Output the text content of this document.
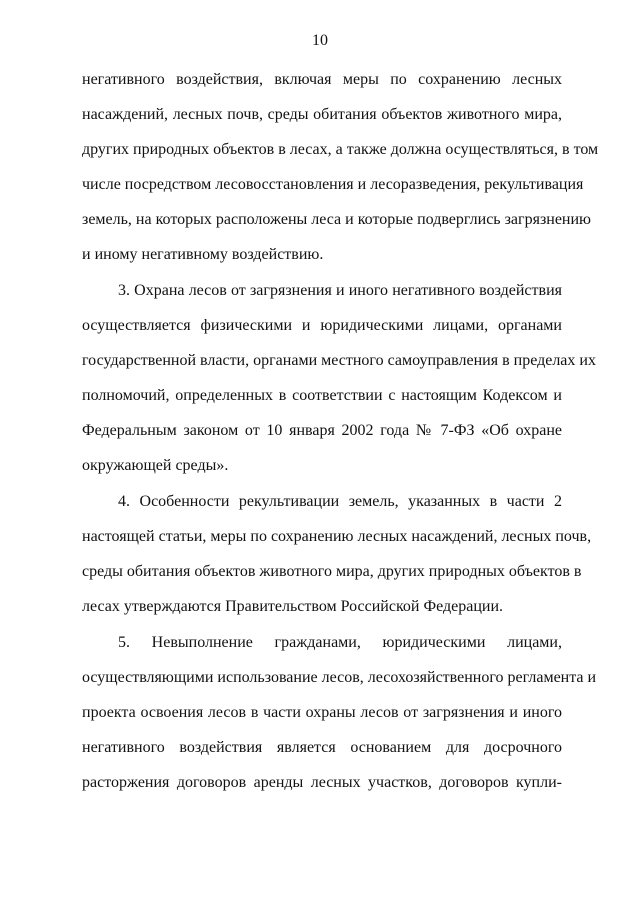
10
негативного воздействия, включая меры по сохранению лесных
насаждений, лесных почв, среды обитания объектов животного мира,
других природных объектов в лесах, а также должна осуществляться, в том
числе посредством лесовосстановления и лесоразведения, рекультивация
земель, на которых расположены леса и которые подверглись загрязнению
и иному негативному воздействию.
3. Охрана лесов от загрязнения и иного негативного воздействия
осуществляется физическими и юридическими лицами, органами
государственной власти, органами местного самоуправления в пределах их
полномочий, определенных в соответствии с настоящим Кодексом и
Федеральным законом от 10 января 2002 года № 7-ФЗ «Об охране
окружающей среды».
4. Особенности рекультивации земель, указанных в части 2
настоящей статьи, меры по сохранению лесных насаждений, лесных почв,
среды обитания объектов животного мира, других природных объектов в
лесах утверждаются Правительством Российской Федерации.
5. Невыполнение гражданами, юридическими лицами,
осуществляющими использование лесов, лесохозяйственного регламента и
проекта освоения лесов в части охраны лесов от загрязнения и иного
негативного воздействия является основанием для досрочного
расторжения договоров аренды лесных участков, договоров купли-
